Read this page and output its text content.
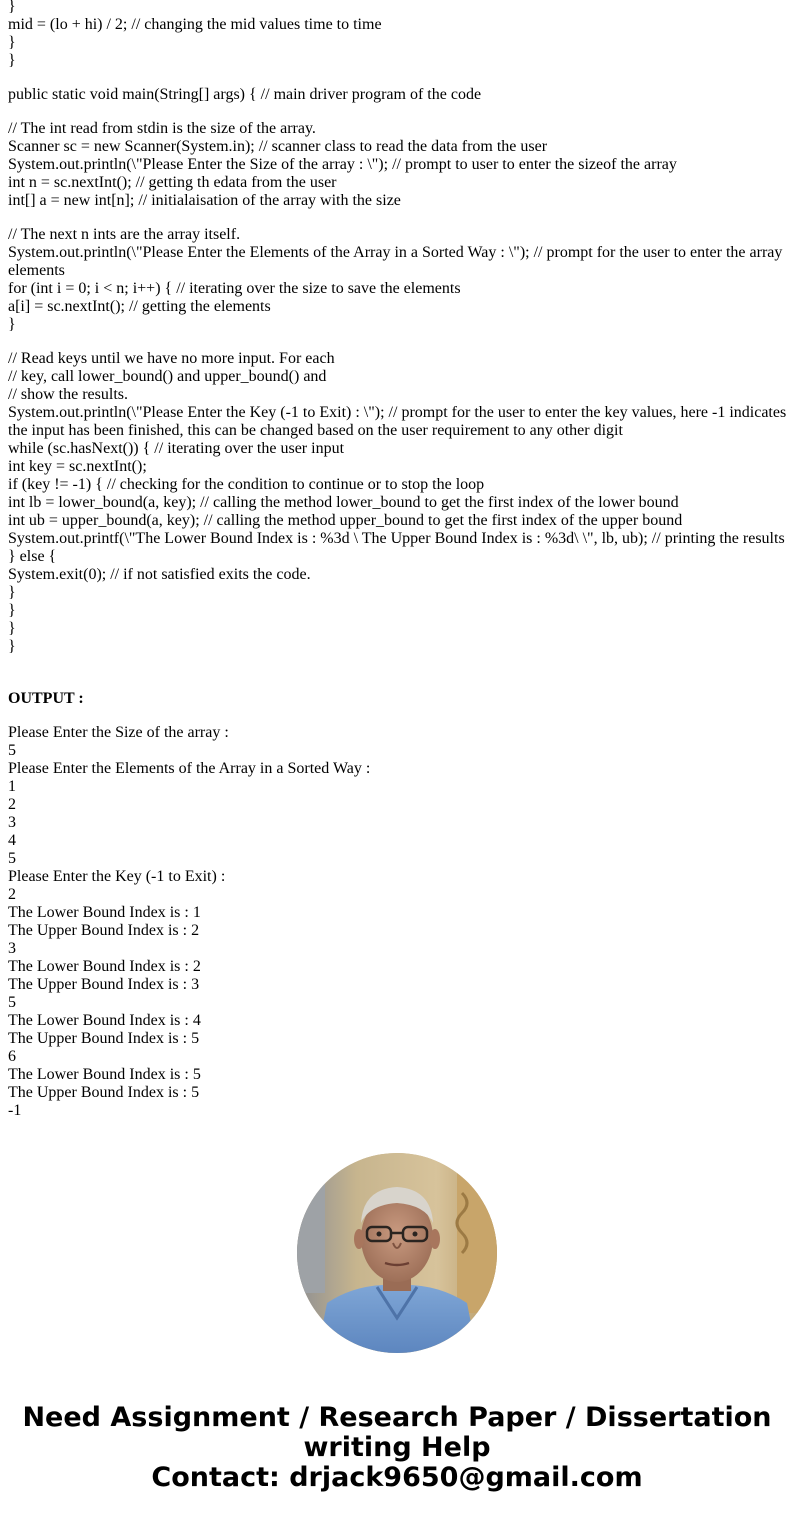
}
mid = (lo + hi) / 2; // changing the mid values time to time
}
}
public static void main(String[] args) { // main driver program of the code
// The int read from stdin is the size of the array.
Scanner sc = new Scanner(System.in); // scanner class to read the data from the user
System.out.println(\"Please Enter the Size of the array : \"); // prompt to user to enter the sizeof the array
int n = sc.nextInt(); // getting th edata from the user
int[] a = new int[n]; // initialaisation of the array with the size
// The next n ints are the array itself.
System.out.println(\"Please Enter the Elements of the Array in a Sorted Way : \"); // prompt for the user to enter the array elements
for (int i = 0; i < n; i++) { // iterating over the size to save the elements
a[i] = sc.nextInt(); // getting the elements
}
// Read keys until we have no more input. For each
// key, call lower_bound() and upper_bound() and
// show the results.
System.out.println(\"Please Enter the Key (-1 to Exit) : \"); // prompt for the user to enter the key values, here -1 indicates the input has been finished, this can be changed based on the user requirement to any other digit
while (sc.hasNext()) { // iterating over the user input
int key = sc.nextInt();
if (key != -1) { // checking for the condition to continue or to stop the loop
int lb = lower_bound(a, key); // calling the method lower_bound to get the first index of the lower bound
int ub = upper_bound(a, key); // calling the method upper_bound to get the first index of the upper bound
System.out.printf(\"The Lower Bound Index is : %3d \ The Upper Bound Index is : %3d\ \", lb, ub); // printing the results
} else {
System.exit(0); // if not satisfied exits the code.
}
}
}
}
OUTPUT :
Please Enter the Size of the array :
5
Please Enter the Elements of the Array in a Sorted Way :
1
2
3
4
5
Please Enter the Key (-1 to Exit) :
2
The Lower Bound Index is : 1
The Upper Bound Index is : 2
3
The Lower Bound Index is : 2
The Upper Bound Index is : 3
5
The Lower Bound Index is : 4
The Upper Bound Index is : 5
6
The Lower Bound Index is : 5
The Upper Bound Index is : 5
-1
Need Assignment / Research Paper / Dissertation
writing Help
Contact: drjack9650@gmail.com
